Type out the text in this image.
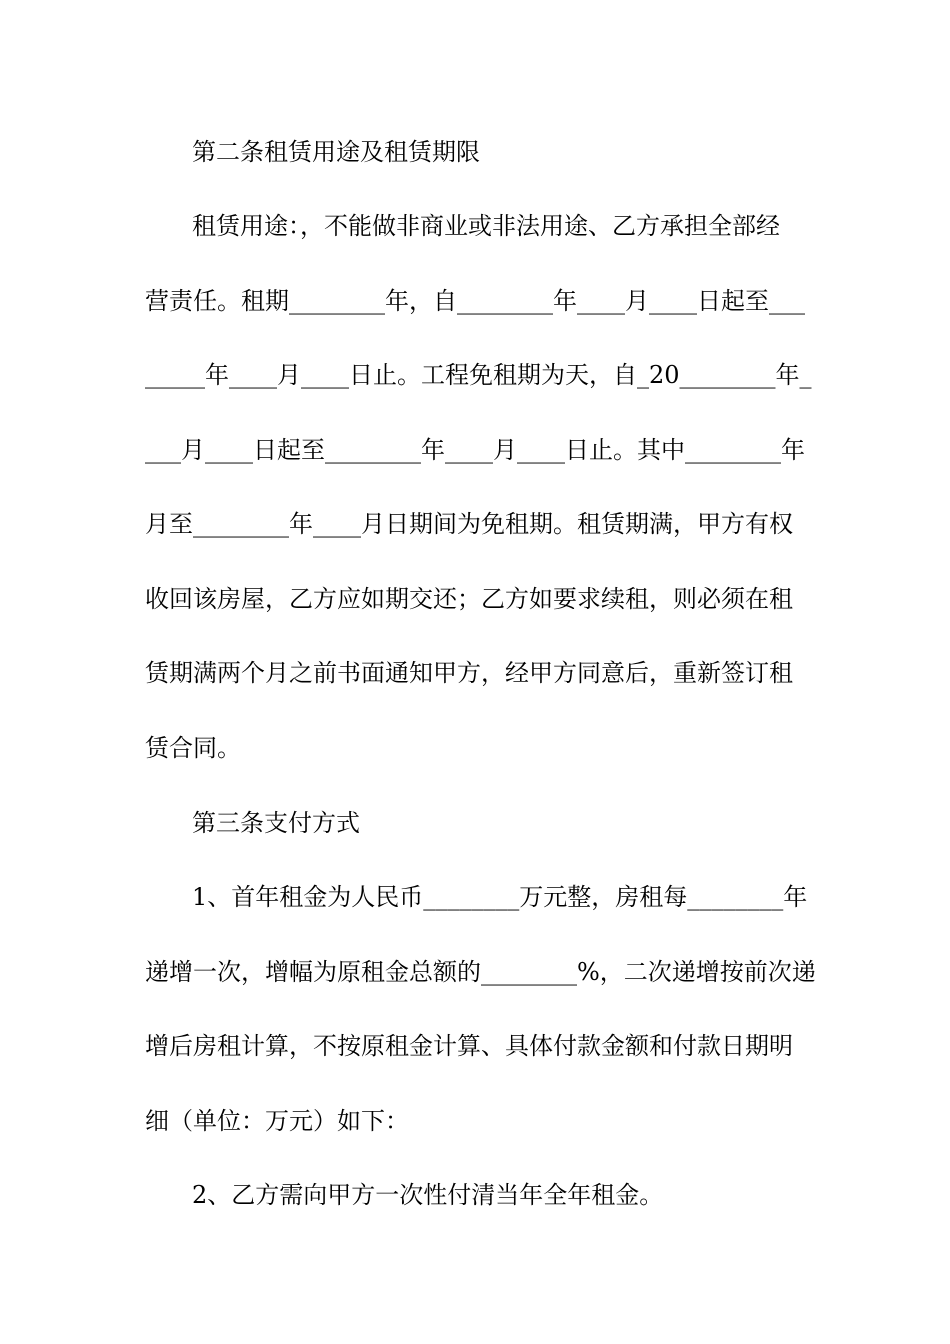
第二条租赁用途及租赁期限
租赁用途：，不能做非商业或非法用途、乙方承担全部经
营责任。租期________年，自________年____月____日起至___
_____年____月____日止。工程免租期为天，自_20________年_
___月____日起至________年____月____日止。其中________年
月至________年____月日期间为免租期。租赁期满，甲方有权
收回该房屋，乙方应如期交还；乙方如要求续租，则必须在租
赁期满两个月之前书面通知甲方，经甲方同意后，重新签订租
赁合同。
第三条支付方式
1、首年租金为人民币________万元整，房租每________年
递增一次，增幅为原租金总额的________%，二次递增按前次递
增后房租计算，不按原租金计算、具体付款金额和付款日期明
细（单位：万元）如下：
2、乙方需向甲方一次性付清当年全年租金。
